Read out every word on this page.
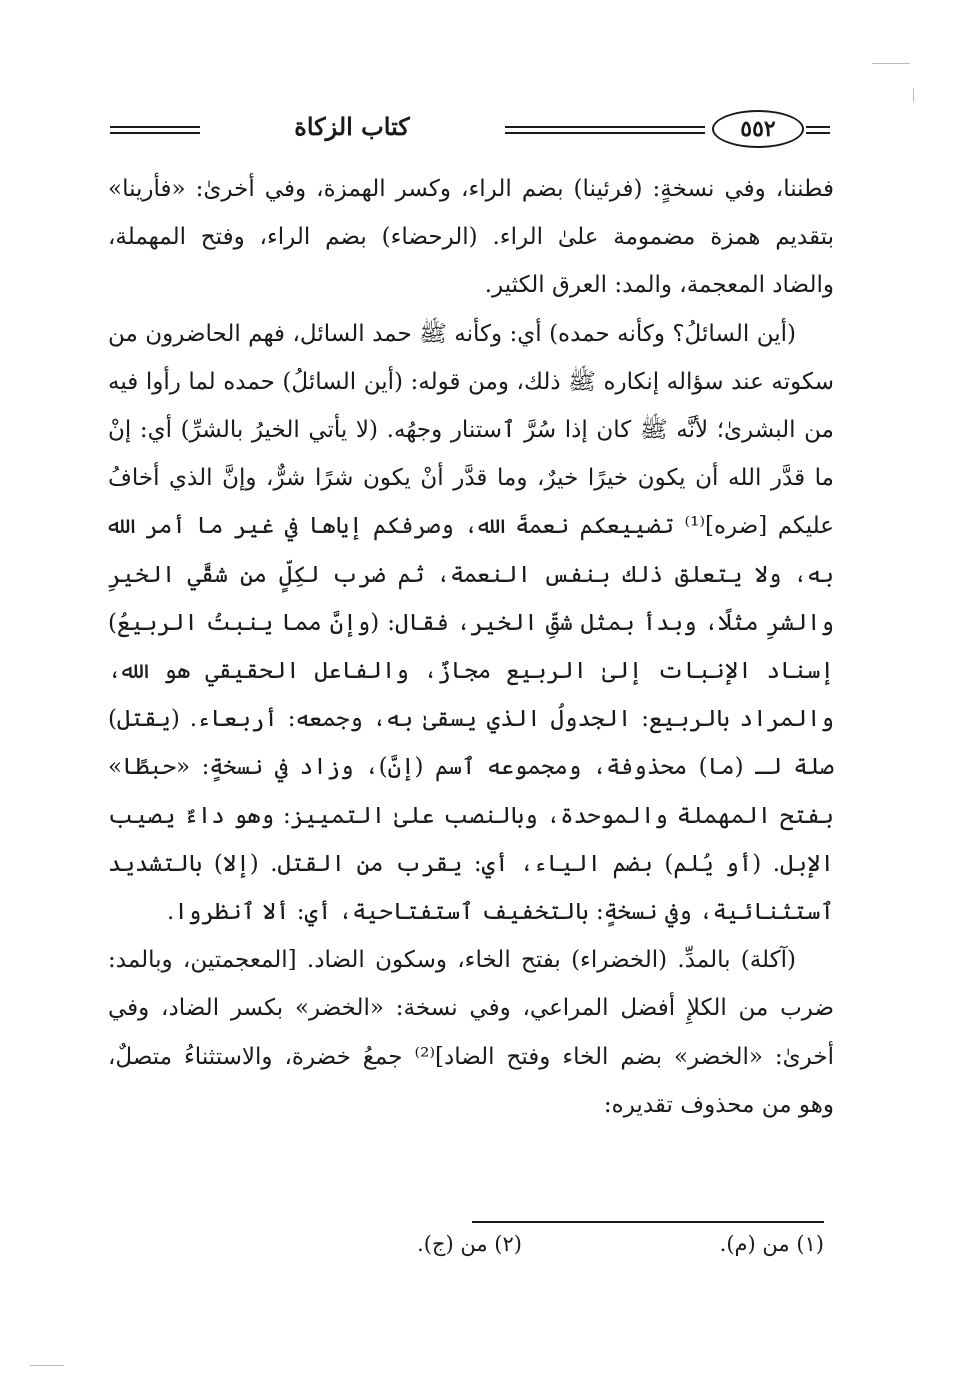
٥٥٢
كتاب الزكاة

فطننا، وفي نسخةٍ: (فرئينا) بضم الراء، وكسر الهمزة، وفي أخرىٰ: «فأرينا» بتقديم همزة مضمومة علىٰ الراء. (الرحضاء) بضم الراء، وفتح المهملة، والضاد المعجمة، والمد: العرق الكثير.

(أين السائلُ؟ وكأنه حمده) أي: وكأنه ﷺ حمد السائل، فهم الحاضرون من سكوته عند سؤاله إنكاره ﷺ ذلك، ومن قوله: (أين السائلُ) حمده لما رأوا فيه من البشرىٰ؛ لأنَّه ﷺ كان إذا سُرَّ ٱستنار وجهُه. (لا يأتي الخيرُ بالشرِّ) أي: إنْ ما قدَّر الله أن يكون خيرًا خيرٌ، وما قدَّر أنْ يكون شرًا شرٌّ، وإنَّ الذي أخافُ عليكم [ضره]⁽¹⁾ تضييعكم نعمةَ الله، وصرفكم إياها في غير ما أمر الله به، ولا يتعلق ذلك بنفس النعمة، ثم ضرب لكِلٍّ من شقَّي الخيرِ والشرِ مثلًا، وبدأ بمثل شقِّ الخير، فقال: (وإنَّ مما ينبتُ الربيعُ) إسناد الإنبات إلىٰ الربيع مجازٌ، والفاعل الحقيقي هو الله، والمراد بالربيع: الجدولُ الذي يسقىٰ به، وجمعه: أربعاء. (يقتل) صلة لـ (ما) محذوفة، ومجموعه ٱسم (إنَّ)، وزاد في نسخةٍ: «حبطًا» بفتح المهملة والموحدة، وبالنصب علىٰ التمييز: وهو داءٌ يصيب الإبل. (أو يُلم) بضم الياء، أي: يقرب من القتل. (إلا) بالتشديد ٱستثنائية، وفي نسخةٍ: بالتخفيف ٱستفتاحية، أي: ألا ٱنظروا.

(آكلة) بالمدِّ. (الخضراء) بفتح الخاء، وسكون الضاد. [المعجمتين، وبالمد: ضرب من الكلإِ أفضل المراعي، وفي نسخة: «الخضر» بكسر الضاد، وفي أخرىٰ: «الخضر» بضم الخاء وفتح الضاد]⁽²⁾ جمعُ خضرة، والاستثناءُ متصلٌ، وهو من محذوف تقديره:

(١) من (م).
(٢) من (ج).
